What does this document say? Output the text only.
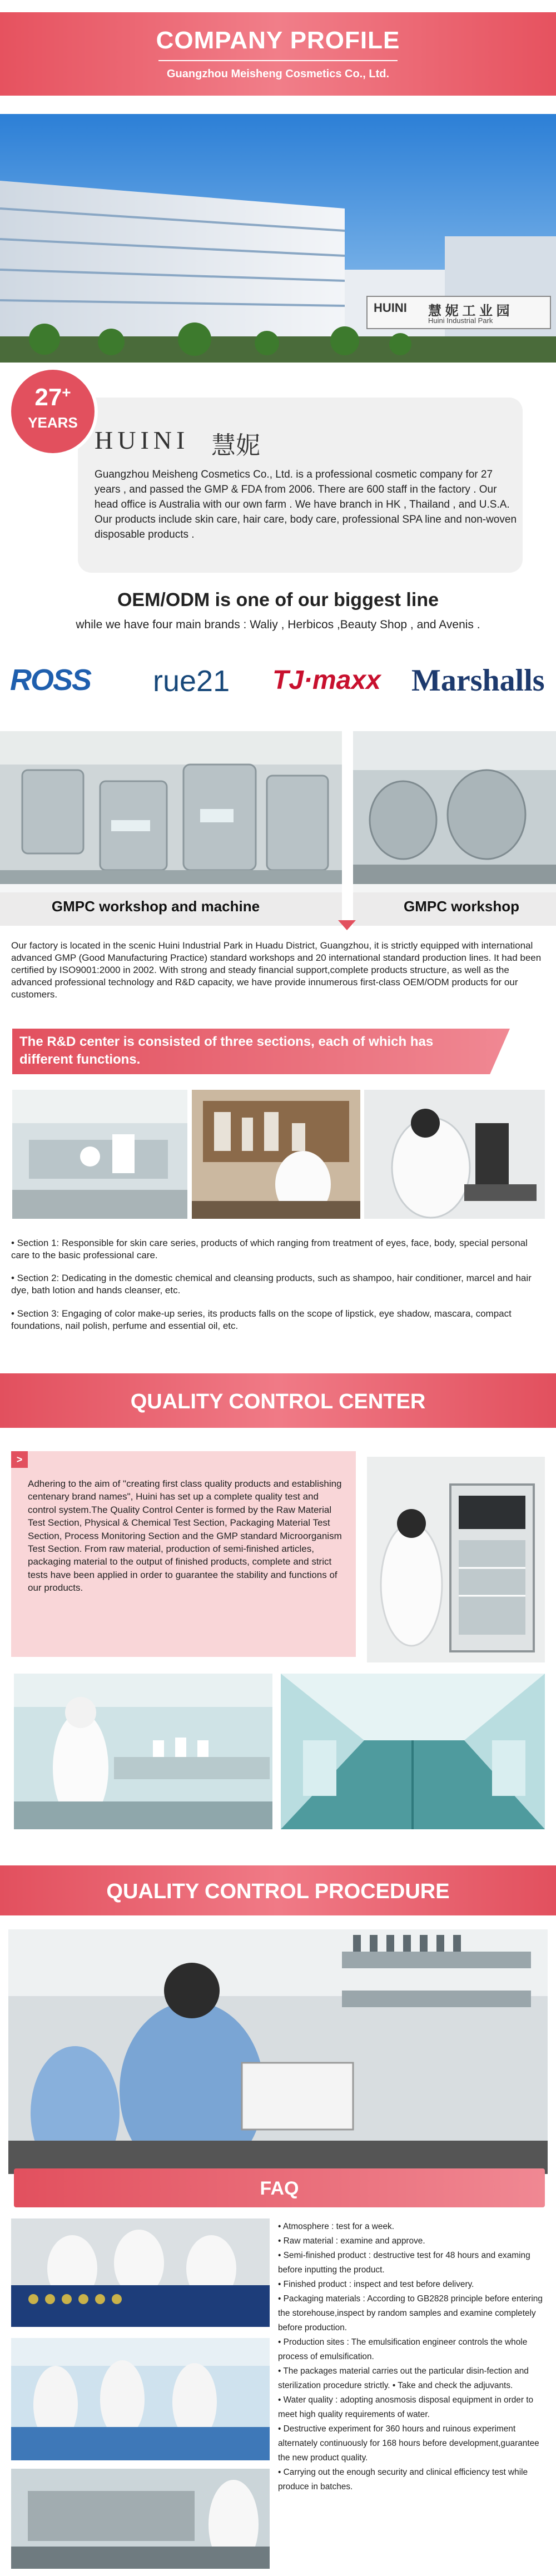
COMPANY PROFILE
Guangzhou Meisheng Cosmetics Co., Ltd.
HUINI 慧 妮 工 业 园
Huini Industrial Park
27+
YEARS
HUINI 慧妮

Guangzhou Meisheng Cosmetics Co., Ltd. is a professional cosmetic company for 27 years , and passed the GMP & FDA from 2006. There are 600 staff in the factory . Our head office is Australia with our own farm . We have branch in HK , Thailand , and U.S.A. Our products include skin care, hair care, body care, professional SPA line and non-woven disposable products .

OEM/ODM is one of our biggest line
while we have four main brands : Waliy , Herbicos ,Beauty Shop , and Avenis .
ROSS rue21 TJ·maxx Marshalls
GMPC workshop and machine	GMPC workshop

Our factory is located in the scenic Huini Industrial Park in Huadu District, Guangzhou, it is strictly equipped with international advanced GMP (Good Manufacturing Practice) standard workshops and 20 international standard production lines. It had been certified by ISO9001:2000 in 2002. With strong and steady financial support,complete products structure, as well as the advanced professional technology and R&D capacity, we have provide innumerous first-class OEM/ODM products for our customers.

The R&D center is consisted of three sections, each of which has different functions.

• Section 1: Responsible for skin care series, products of which ranging from treatment of eyes, face, body, special personal care to the basic professional care.

• Section 2: Dedicating in the domestic chemical and cleansing products, such as shampoo, hair conditioner, marcel and hair dye, bath lotion and hands cleanser, etc.

• Section 3: Engaging of color make-up series, its products falls on the scope of lipstick, eye shadow, mascara, compact foundations, nail polish, perfume and essential oil, etc.

QUALITY CONTROL CENTER
>

Adhering to the aim of "creating first class quality products and establishing centenary brand names", Huini has set up a complete quality test and control system.The Quality Control Center is formed by the Raw Material Test Section, Physical & Chemical Test Section, Packaging Material Test Section, Process Monitoring Section and the GMP standard Microorganism Test Section. From raw material, production of semi-finished articles, packaging material to the output of finished products, complete and strict tests have been applied in order to guarantee the stability and functions of our products.

QUALITY CONTROL PROCEDURE
FAQ
• Atmosphere : test for a week.
• Raw material : examine and approve.
• Semi-finished product : destructive test for 48 hours and examing before inputting the product.
• Finished product : inspect and test before delivery.
• Packaging materials : According to GB2828 principle before entering the storehouse,inspect by random samples and examine completely before production.
• Production sites : The emulsification engineer controls the whole process of emulsification.
• The packages material carries out the particular disin-fection and sterilization procedure strictly. • Take and check the adjuvants.
• Water quality : adopting anosmosis disposal equipment in order to meet high quality requirements of water.
• Destructive experiment for 360 hours and ruinous experiment alternately continuously for 168 hours before development,guarantee the new product quality.
• Carrying out the enough security and clinical efficiency test while produce in batches.
